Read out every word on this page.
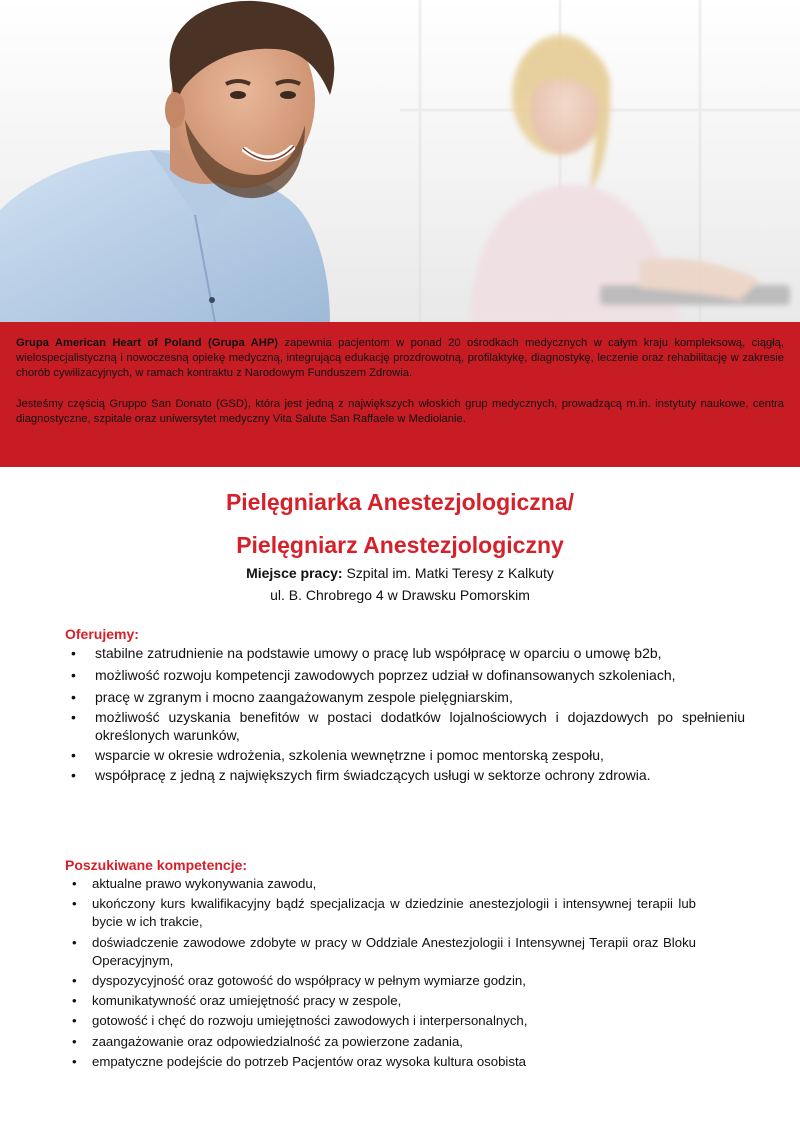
Grupa American Heart of Poland (Grupa AHP) zapewnia pacjentom w ponad 20 ośrodkach medycznych w całym kraju kompleksową, ciągłą, wielospecjalistyczną i nowoczesną opiekę medyczną, integrującą edukację prozdrowotną, profilaktykę, diagnostykę, leczenie oraz rehabilitację w zakresie chorób cywilizacyjnych, w ramach kontraktu z Narodowym Funduszem Zdrowia.

Jesteśmy częścią Gruppo San Donato (GSD), która jest jedną z największych włoskich grup medycznych, prowadzącą m.in. instytuty naukowe, centra diagnostyczne, szpitale oraz uniwersytet medyczny Vita Salute San Raffaele w Mediolanie.

Pielęgniarka Anestezjologiczna/
Pielęgniarz Anestezjologiczny
Miejsce pracy: Szpital im. Matki Teresy z Kalkuty
ul. B. Chrobrego 4 w Drawsku Pomorskim
Oferujemy:
• stabilne zatrudnienie na podstawie umowy o pracę lub współpracę w oparciu o umowę b2b,
• możliwość rozwoju kompetencji zawodowych poprzez udział w dofinansowanych szkoleniach,
• pracę w zgranym i mocno zaangażowanym zespole pielęgniarskim,
• możliwość uzyskania benefitów w postaci dodatków lojalnościowych i dojazdowych po spełnieniu określonych warunków,
• wsparcie w okresie wdrożenia, szkolenia wewnętrzne i pomoc mentorską zespołu,
• współpracę z jedną z największych firm świadczących usługi w sektorze ochrony zdrowia.
Poszukiwane kompetencje:
• aktualne prawo wykonywania zawodu,
• ukończony kurs kwalifikacyjny bądź specjalizacja w dziedzinie anestezjologii i intensywnej terapii lub bycie w ich trakcie,
• doświadczenie zawodowe zdobyte w pracy w Oddziale Anestezjologii i Intensywnej Terapii oraz Bloku Operacyjnym,
• dyspozycyjność oraz gotowość do współpracy w pełnym wymiarze godzin,
• komunikatywność oraz umiejętność pracy w zespole,
• gotowość i chęć do rozwoju umiejętności zawodowych i interpersonalnych,
• zaangażowanie oraz odpowiedzialność za powierzone zadania,
• empatyczne podejście do potrzeb Pacjentów oraz wysoka kultura osobista
